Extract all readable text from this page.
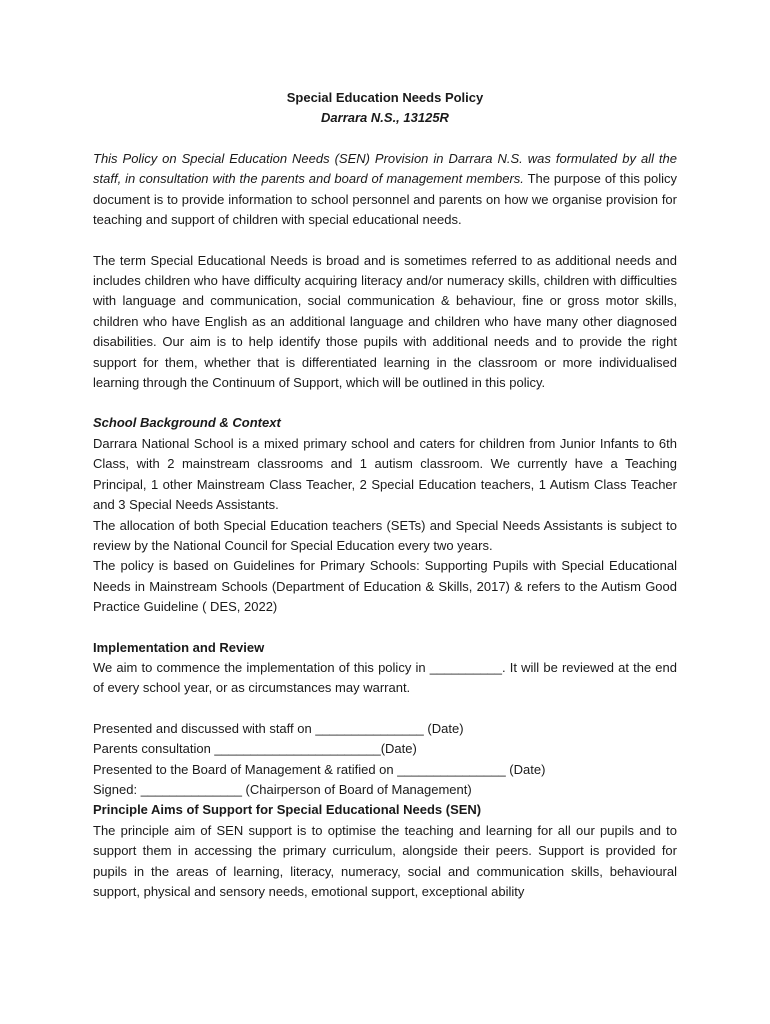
Special Education Needs Policy
Darrara N.S., 13125R

This Policy on Special Education Needs (SEN) Provision in Darrara N.S. was formulated by all the staff, in consultation with the parents and board of management members. The purpose of this policy document is to provide information to school personnel and parents on how we organise provision for teaching and support of children with special educational needs.

The term Special Educational Needs is broad and is sometimes referred to as additional needs and includes children who have difficulty acquiring literacy and/or numeracy skills, children with difficulties with language and communication, social communication & behaviour, fine or gross motor skills, children who have English as an additional language and children who have many other diagnosed disabilities. Our aim is to help identify those pupils with additional needs and to provide the right support for them, whether that is differentiated learning in the classroom or more individualised learning through the Continuum of Support, which will be outlined in this policy.

School Background & Context

Darrara National School is a mixed primary school and caters for children from Junior Infants to 6th Class, with 2 mainstream classrooms and 1 autism classroom. We currently have a Teaching Principal, 1 other Mainstream Class Teacher, 2 Special Education teachers, 1 Autism Class Teacher and 3 Special Needs Assistants.

The allocation of both Special Education teachers (SETs) and Special Needs Assistants is subject to review by the National Council for Special Education every two years.

The policy is based on Guidelines for Primary Schools: Supporting Pupils with Special Educational Needs in Mainstream Schools (Department of Education & Skills, 2017) & refers to the Autism Good Practice Guideline ( DES, 2022)

Implementation and Review

We aim to commence the implementation of this policy in __________. It will be reviewed at the end of every school year, or as circumstances may warrant.

Presented and discussed with staff on _______________ (Date)

Parents consultation _______________________(Date)

Presented to the Board of Management & ratified on _______________ (Date)

Signed: ______________ (Chairperson of Board of Management)

Principle Aims of Support for Special Educational Needs (SEN)

The principle aim of SEN support is to optimise the teaching and learning for all our pupils and to support them in accessing the primary curriculum, alongside their peers. Support is provided for pupils in the areas of learning, literacy, numeracy, social and communication skills, behavioural support, physical and sensory needs, emotional support, exceptional ability
